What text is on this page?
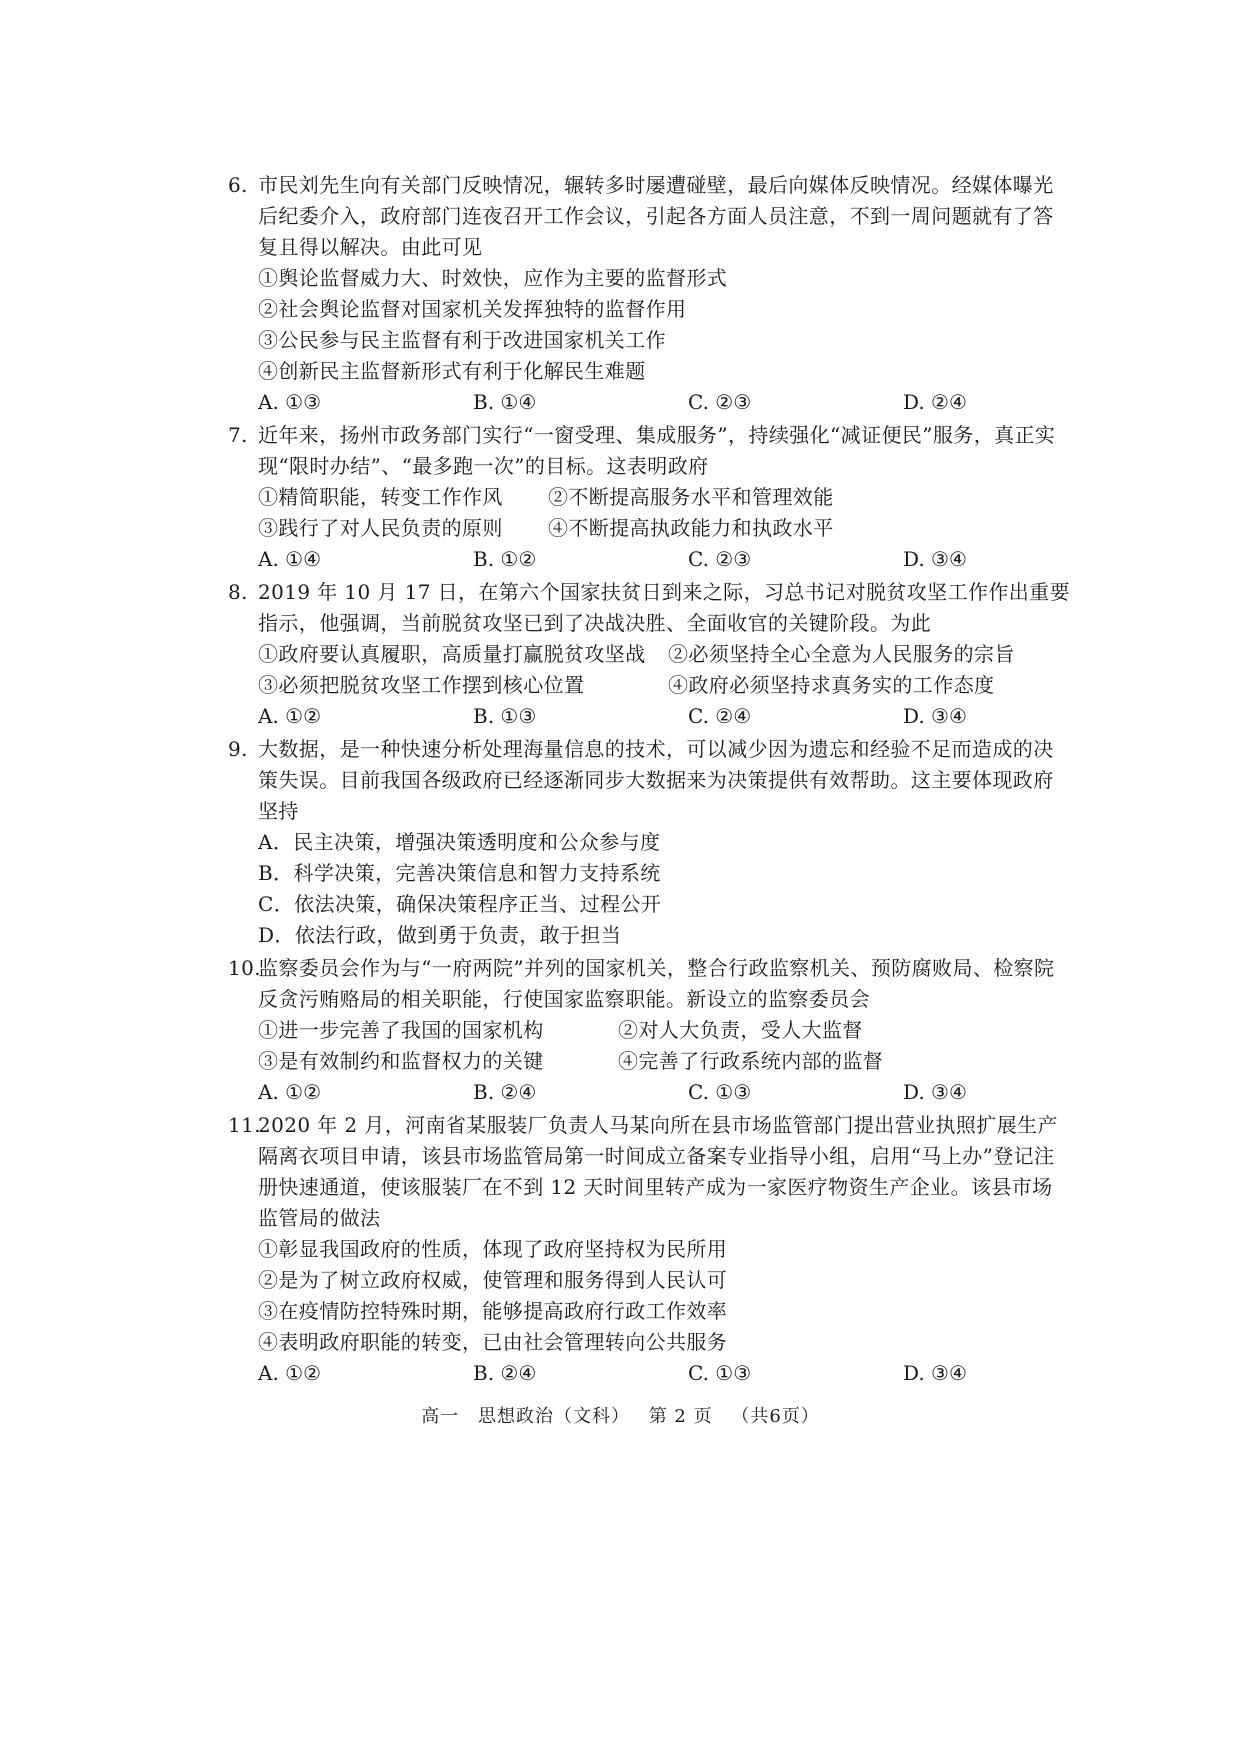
6. 市民刘先生向有关部门反映情况，辗转多时屡遭碰壁，最后向媒体反映情况。经媒体曝光后纪委介入，政府部门连夜召开工作会议，引起各方面人员注意，不到一周问题就有了答复且得以解决。由此可见
①舆论监督威力大、时效快，应作为主要的监督形式
②社会舆论监督对国家机关发挥独特的监督作用
③公民参与民主监督有利于改进国家机关工作
④创新民主监督新形式有利于化解民生难题
A. ①③	B. ①④	C. ②③	D. ②④
7. 近年来，扬州市政务部门实行“一窗受理、集成服务”，持续强化“减证便民”服务，真正实现“限时办结”、“最多跑一次”的目标。这表明政府
①精简职能，转变工作作风	②不断提高服务水平和管理效能
③践行了对人民负责的原则	④不断提高执政能力和执政水平
A. ①④	B. ①②	C. ②③	D. ③④
8. 2019 年 10 月 17 日，在第六个国家扶贫日到来之际，习总书记对脱贫攻坚工作作出重要指示，他强调，当前脱贫攻坚已到了决战决胜、全面收官的关键阶段。为此
①政府要认真履职，高质量打赢脱贫攻坚战	②必须坚持全心全意为人民服务的宗旨
③必须把脱贫攻坚工作摆到核心位置	④政府必须坚持求真务实的工作态度
A. ①②	B. ①③	C. ②④	D. ③④
9. 大数据，是一种快速分析处理海量信息的技术，可以减少因为遗忘和经验不足而造成的决策失误。目前我国各级政府已经逐渐同步大数据来为决策提供有效帮助。这主要体现政府坚持
A．民主决策，增强决策透明度和公众参与度
B．科学决策，完善决策信息和智力支持系统
C．依法决策，确保决策程序正当、过程公开
D．依法行政，做到勇于负责，敢于担当
10.监察委员会作为与“一府两院”并列的国家机关，整合行政监察机关、预防腐败局、检察院反贪污贿赂局的相关职能，行使国家监察职能。新设立的监察委员会
①进一步完善了我国的国家机构	②对人大负责，受人大监督
③是有效制约和监督权力的关键	④完善了行政系统内部的监督
A. ①②	B. ②④	C. ①③	D. ③④
11.2020 年 2 月，河南省某服装厂负责人马某向所在县市场监管部门提出营业执照扩展生产隔离衣项目申请，该县市场监管局第一时间成立备案专业指导小组，启用“马上办”登记注册快速通道，使该服装厂在不到 12 天时间里转产成为一家医疗物资生产企业。该县市场监管局的做法
①彰显我国政府的性质，体现了政府坚持权为民所用
②是为了树立政府权威，使管理和服务得到人民认可
③在疫情防控特殊时期，能够提高政府行政工作效率
④表明政府职能的转变，已由社会管理转向公共服务
A. ①②	B. ②④	C. ①③	D. ③④
高一 思想政治（文科） 第 2 页 （共6页）
